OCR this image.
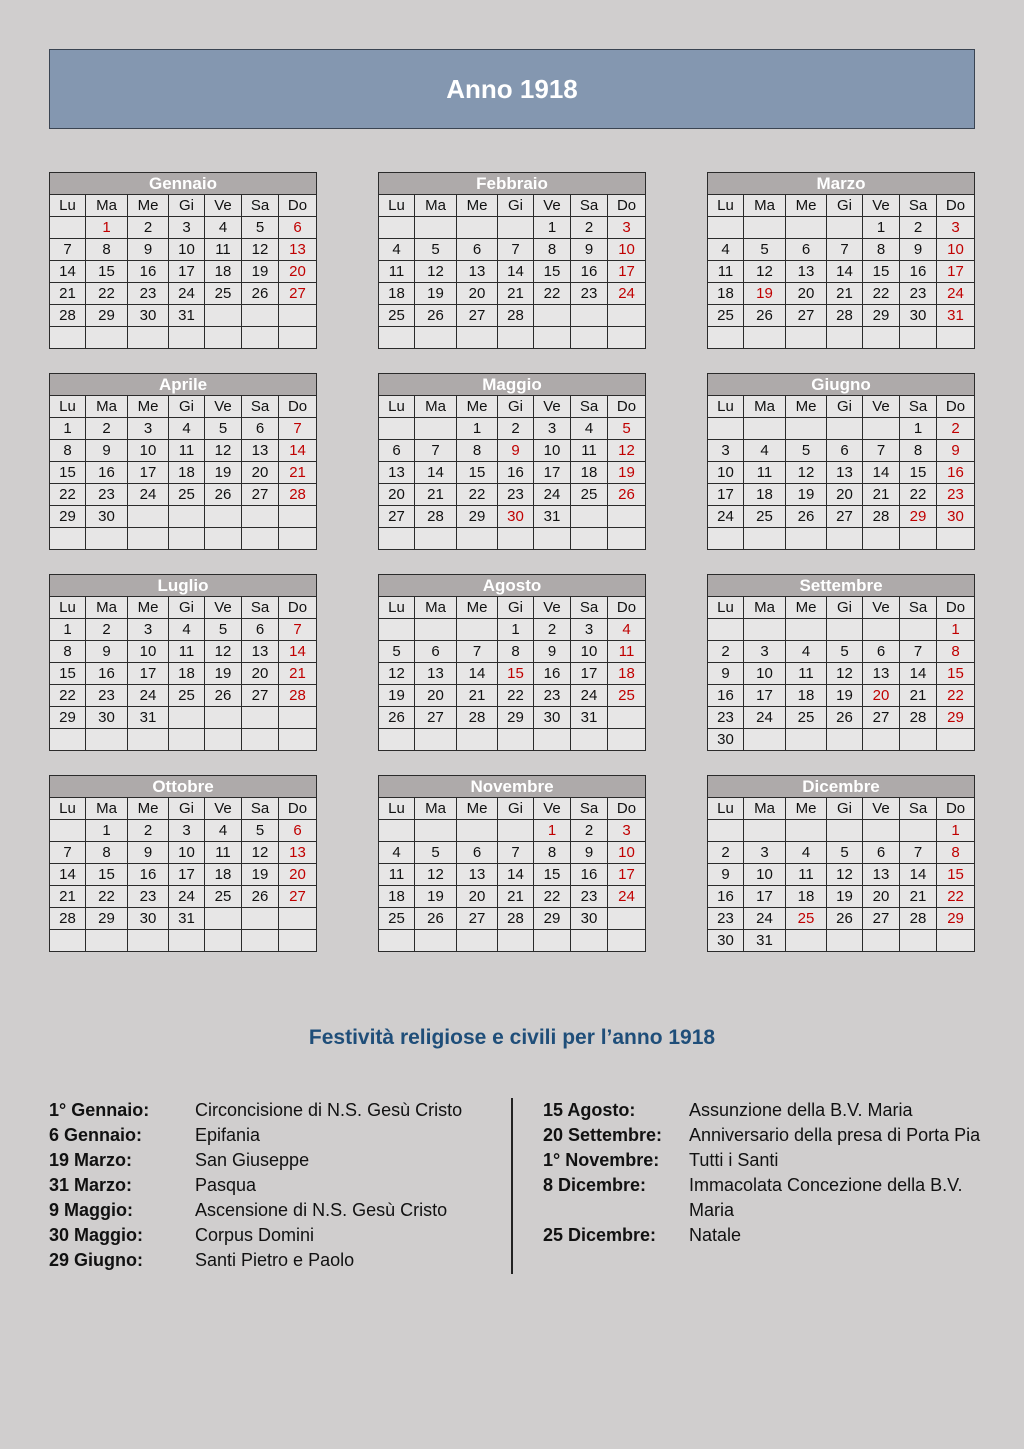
Anno 1918
Gennaio						
Lu	Ma	Me	Gi	Ve	Sa	Do
	1	2	3	4	5	6
7	8	9	10	11	12	13
14	15	16	17	18	19	20
21	22	23	24	25	26	27
28	29	30	31			

Febbraio						
Lu	Ma	Me	Gi	Ve	Sa	Do
				1	2	3
4	5	6	7	8	9	10
11	12	13	14	15	16	17
18	19	20	21	22	23	24
25	26	27	28			

Marzo						
Lu	Ma	Me	Gi	Ve	Sa	Do
				1	2	3
4	5	6	7	8	9	10
11	12	13	14	15	16	17
18	19	20	21	22	23	24
25	26	27	28	29	30	31

Aprile						
Lu	Ma	Me	Gi	Ve	Sa	Do
1	2	3	4	5	6	7
8	9	10	11	12	13	14
15	16	17	18	19	20	21
22	23	24	25	26	27	28
29	30					

Maggio						
Lu	Ma	Me	Gi	Ve	Sa	Do
		1	2	3	4	5
6	7	8	9	10	11	12
13	14	15	16	17	18	19
20	21	22	23	24	25	26
27	28	29	30	31		

Giugno						
Lu	Ma	Me	Gi	Ve	Sa	Do
					1	2
3	4	5	6	7	8	9
10	11	12	13	14	15	16
17	18	19	20	21	22	23
24	25	26	27	28	29	30

Luglio						
Lu	Ma	Me	Gi	Ve	Sa	Do
1	2	3	4	5	6	7
8	9	10	11	12	13	14
15	16	17	18	19	20	21
22	23	24	25	26	27	28
29	30	31				

Agosto						
Lu	Ma	Me	Gi	Ve	Sa	Do
			1	2	3	4
5	6	7	8	9	10	11
12	13	14	15	16	17	18
19	20	21	22	23	24	25
26	27	28	29	30	31	

Settembre						
Lu	Ma	Me	Gi	Ve	Sa	Do
						1
2	3	4	5	6	7	8
9	10	11	12	13	14	15
16	17	18	19	20	21	22
23	24	25	26	27	28	29
30						
Ottobre						
Lu	Ma	Me	Gi	Ve	Sa	Do
	1	2	3	4	5	6
7	8	9	10	11	12	13
14	15	16	17	18	19	20
21	22	23	24	25	26	27
28	29	30	31			

Novembre						
Lu	Ma	Me	Gi	Ve	Sa	Do
				1	2	3
4	5	6	7	8	9	10
11	12	13	14	15	16	17
18	19	20	21	22	23	24
25	26	27	28	29	30	

Dicembre						
Lu	Ma	Me	Gi	Ve	Sa	Do
						1
2	3	4	5	6	7	8
9	10	11	12	13	14	15
16	17	18	19	20	21	22
23	24	25	26	27	28	29
30	31					
Festività religiose e civili per l’anno 1918
1° Gennaio:	Circoncisione di N.S. Gesù Cristo
6 Gennaio:	Epifania
19 Marzo:	San Giuseppe
31 Marzo:	Pasqua
9 Maggio:	Ascensione di N.S. Gesù Cristo
30 Maggio:	Corpus Domini
29 Giugno:	Santi Pietro e Paolo
15 Agosto:	Assunzione della B.V. Maria
20 Settembre:	Anniversario della presa di Porta Pia
1° Novembre:	Tutti i Santi
8 Dicembre:	Immacolata Concezione della B.V. Maria
25 Dicembre:	Natale
